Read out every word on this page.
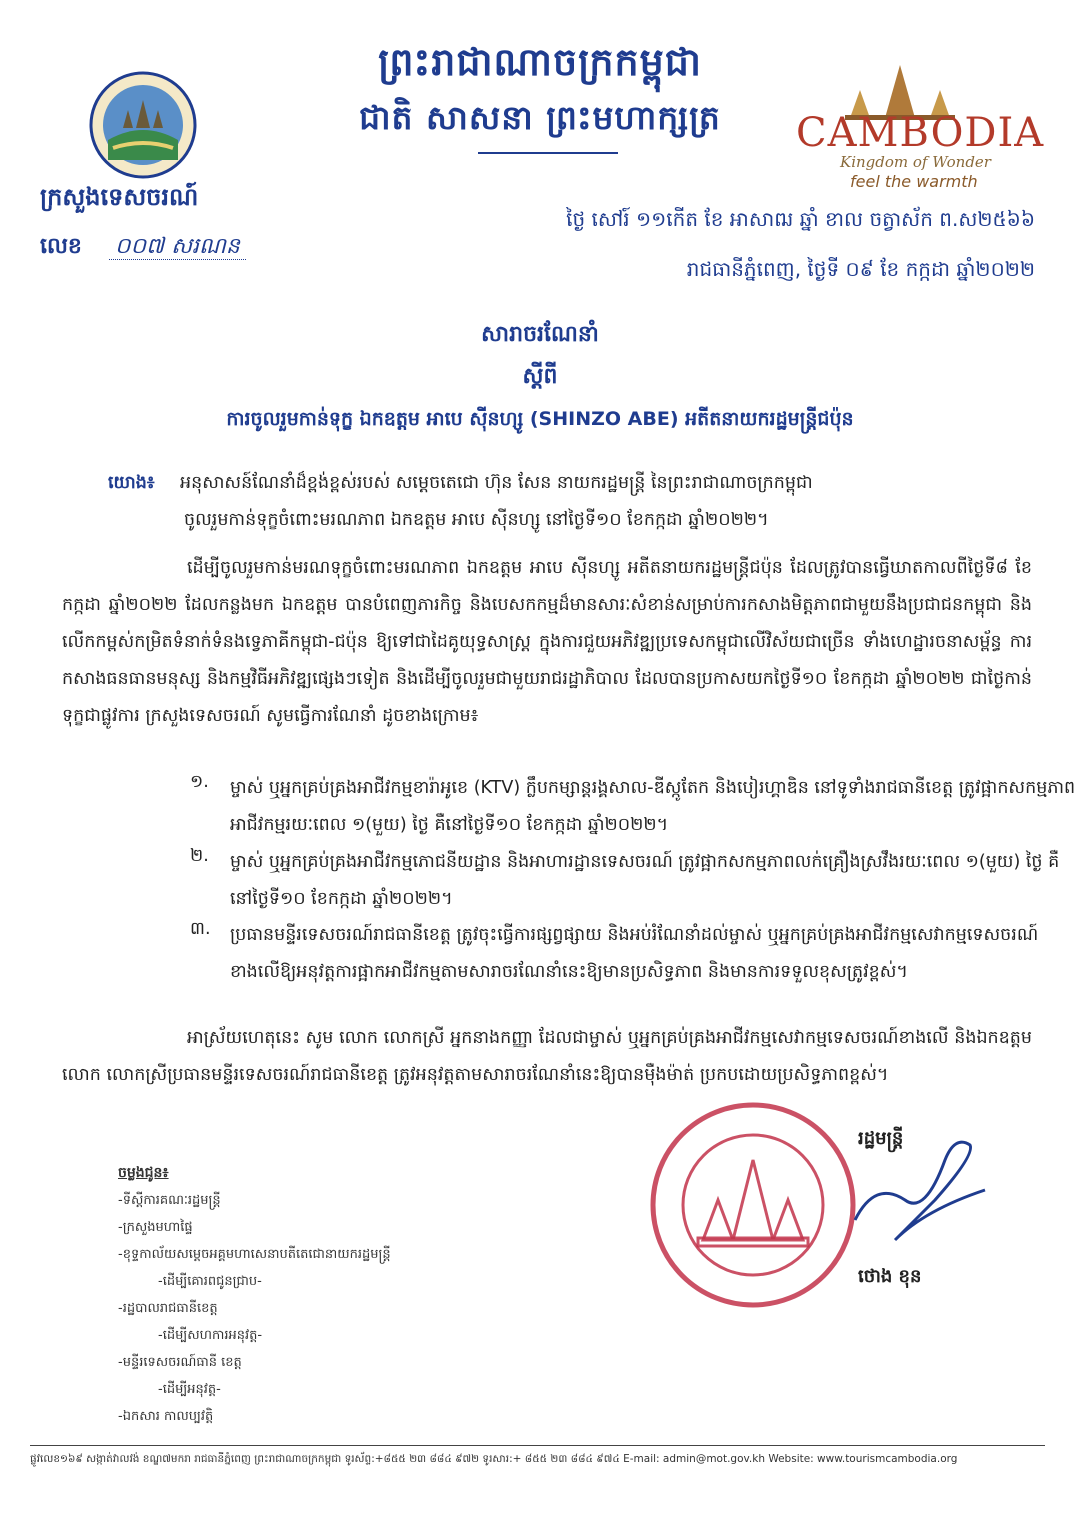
ព្រះរាជាណាចក្រកម្ពុជា
ជាតិ សាសនា ព្រះមហាក្សត្រ	CAMBODIA
Kingdom of Wonder
feel the warmth
ក្រសួងទេសចរណ៍
លេខ ០០៧ សរណន
ថ្ងៃ សៅរ៍ ១១កើត ខែ អាសាឍ ឆ្នាំ ខាល ចត្វាស័ក ព.ស២៥៦៦
រាជធានីភ្នំពេញ, ថ្ងៃទី ០៩ ខែ កក្កដា ឆ្នាំ២០២២
សារាចរណែនាំ
ស្តីពី
ការចូលរួមកាន់ទុក្ខ ឯកឧត្តម អាបេ ស៊ីនហ្សូ (SHINZO ABE) អតីតនាយករដ្ឋមន្ត្រីជប៉ុន
យោង៖ អនុសាសន៍ណែនាំដ៏ខ្ពង់ខ្ពស់របស់ សម្តេចតេជោ ហ៊ុន សែន នាយករដ្ឋមន្ត្រី នៃព្រះរាជាណាចក្រកម្ពុជា
ចូលរួមកាន់ទុក្ខចំពោះមរណភាព ឯកឧត្តម អាបេ ស៊ីនហ្សូ នៅថ្ងៃទី១០ ខែកក្កដា ឆ្នាំ២០២២។
ដើម្បីចូលរួមកាន់មរណទុក្ខចំពោះមរណភាព ឯកឧត្តម អាបេ ស៊ីនហ្សូ អតីតនាយករដ្ឋមន្ត្រីជប៉ុន ដែលត្រូវបានធ្វើឃាតកាលពីថ្ងៃទី៨ ខែកក្កដា ឆ្នាំ២០២២ ដែលកន្លងមក ឯកឧត្តម បានបំពេញភារកិច្ច និងបេសកកម្មដ៏មានសារៈសំខាន់សម្រាប់ការកសាងមិត្តភាពជាមួយនឹងប្រជាជនកម្ពុជា និងលើកកម្ពស់កម្រិតទំនាក់ទំនងទ្វេភាគីកម្ពុជា-ជប៉ុន ឱ្យទៅជាដៃគូយុទ្ធសាស្ត្រ ក្នុងការជួយអភិវឌ្ឍប្រទេសកម្ពុជាលើវិស័យជាច្រើន ទាំងហេដ្ឋារចនាសម្ព័ន្ធ ការកសាងធនធានមនុស្ស និងកម្មវិធីអភិវឌ្ឍផ្សេងៗទៀត និងដើម្បីចូលរួមជាមួយរាជរដ្ឋាភិបាល ដែលបានប្រកាសយកថ្ងៃទី១០ ខែកក្កដា ឆ្នាំ២០២២ ជាថ្ងៃកាន់ទុក្ខជាផ្លូវការ ក្រសួងទេសចរណ៍ សូមធ្វើការណែនាំ ដូចខាងក្រោម៖
១.	ម្ចាស់ ឬអ្នកគ្រប់គ្រងអាជីវកម្មខារ៉ាអូខេ (KTV) ក្លឹបកម្សាន្តរង្គសាល-ឌីស្កូតែក និងបៀរហ្គាឌិន នៅទូទាំងរាជធានីខេត្ត ត្រូវផ្អាកសកម្មភាពអាជីវកម្មរយៈពេល ១(មួយ) ថ្ងៃ គឺនៅថ្ងៃទី១០ ខែកក្កដា ឆ្នាំ២០២២។
២.	ម្ចាស់ ឬអ្នកគ្រប់គ្រងអាជីវកម្មភោជនីយដ្ឋាន និងអាហារដ្ឋានទេសចរណ៍ ត្រូវផ្អាកសកម្មភាពលក់គ្រឿងស្រវឹងរយៈពេល ១(មួយ) ថ្ងៃ គឺនៅថ្ងៃទី១០ ខែកក្កដា ឆ្នាំ២០២២។
៣.	ប្រធានមន្ទីរទេសចរណ៍រាជធានីខេត្ត ត្រូវចុះធ្វើការផ្សព្វផ្សាយ និងអប់រំណែនាំដល់ម្ចាស់ ឬអ្នកគ្រប់គ្រងអាជីវកម្មសេវាកម្មទេសចរណ៍ខាងលើឱ្យអនុវត្តការផ្អាកអាជីវកម្មតាមសារាចរណែនាំនេះឱ្យមានប្រសិទ្ធភាព និងមានការទទួលខុសត្រូវខ្ពស់។
អាស្រ័យហេតុនេះ សូម លោក លោកស្រី អ្នកនាងកញ្ញា ដែលជាម្ចាស់ ឬអ្នកគ្រប់គ្រងអាជីវកម្មសេវាកម្មទេសចរណ៍ខាងលើ និងឯកឧត្តម លោក លោកស្រីប្រធានមន្ទីរទេសចរណ៍រាជធានីខេត្ត ត្រូវអនុវត្តតាមសារាចរណែនាំនេះឱ្យបានម៉ឺងម៉ាត់ ប្រកបដោយប្រសិទ្ធភាពខ្ពស់។
ចម្លងជូន៖
-ទីស្តីការគណៈរដ្ឋមន្ត្រី
-ក្រសួងមហាផ្ទៃ
-ខុទ្ទកាល័យសម្តេចអគ្គមហាសេនាបតីតេជោនាយករដ្ឋមន្ត្រី
-ដើម្បីគោរពជូនជ្រាប-
-រដ្ឋបាលរាជធានីខេត្ត
-ដើម្បីសហការអនុវត្ត-
-មន្ទីរទេសចរណ៍ធានី ខេត្ត
-ដើម្បីអនុវត្ត-
-ឯកសារ កាលប្បវត្តិ
រដ្ឋមន្ត្រី
ថោង ខុន
ផ្លូវលេខ១៦៩ សង្កាត់វាលវង់ ខណ្ឌ៧មករា រាជធានីភ្នំពេញ ព្រះរាជាណាចក្រកម្ពុជា ទូរស័ព្ទ:+៨៥៥ ២៣ ៨៨៤ ៩៧២ ទូរសារ:+ ៨៥៥ ២៣ ៨៨៤ ៩៧៤ E-mail: admin@mot.gov.kh Website: www.tourismcambodia.org
